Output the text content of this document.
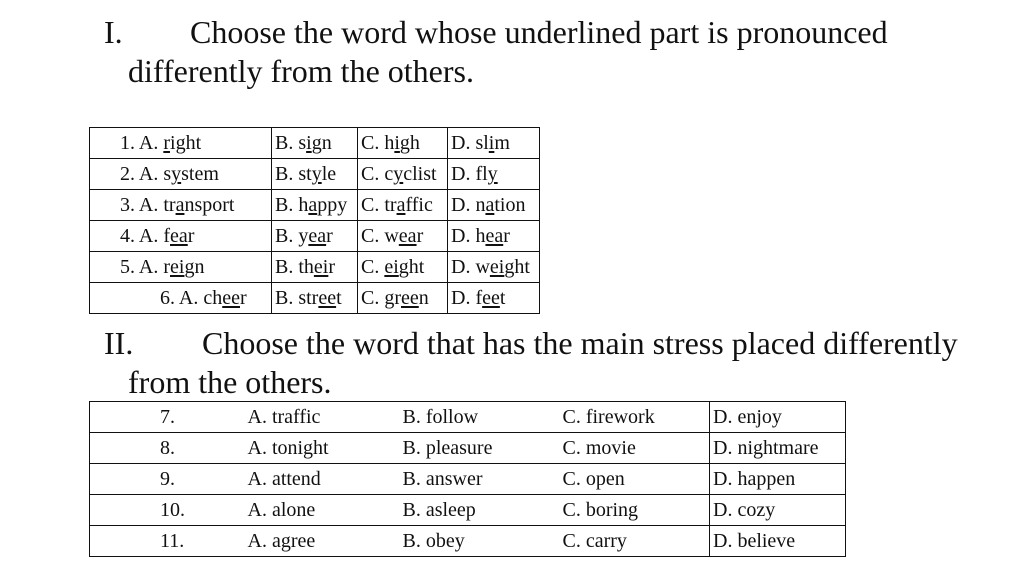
I. Choose the word whose underlined part is pronounced
differently from the others.
1. A. right	B. sign	C. high	D. slim
2. A. system	B. style	C. cyclist	D. fly
3. A. transport	B. happy	C. traffic	D. nation
4. A. fear	B. year	C. wear	D. hear
5. A. reign	B. their	C. eight	D. weight
6. A. cheer	B. street	C. green	D. feet
II. Choose the word that has the main stress placed differently
from the others.
7.	A. traffic	B. follow	C. firework	D. enjoy
8.	A. tonight	B. pleasure	C. movie	D. nightmare
9.	A. attend	B. answer	C. open	D. happen
10.	A. alone	B. asleep	C. boring	D. cozy
11.	A. agree	B. obey	C. carry	D. believe
